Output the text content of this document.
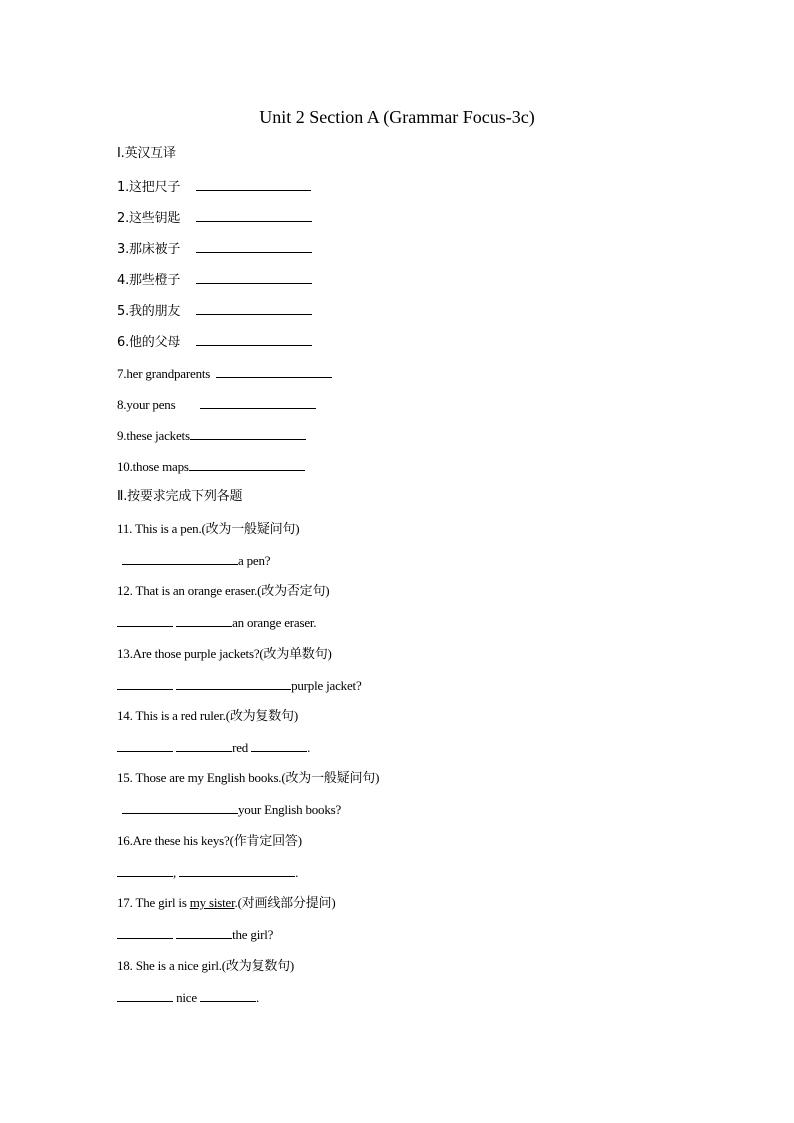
Unit 2 Section A (Grammar Focus-3c)
Ⅰ.英汉互译
1.这把尺子
2.这些钥匙
3.那床被子
4.那些橙子
5.我的朋友
6.他的父母
7.her grandparents
8.your pens
9.these jackets
10.those maps
Ⅱ.按要求完成下列各题
11. This is a pen.(改为一般疑问句)
a pen?
12. That is an orange eraser.(改为否定句)
an orange eraser.
13.Are those purple jackets?(改为单数句)
purple jacket?
14. This is a red ruler.(改为复数句)
red	.
15. Those are my English books.(改为一般疑问句)
your English books?
16.Are these his keys?(作肯定回答)
,	.
17. The girl is my sister.(对画线部分提问)
the girl?
18. She is a nice girl.(改为复数句)
nice	.
